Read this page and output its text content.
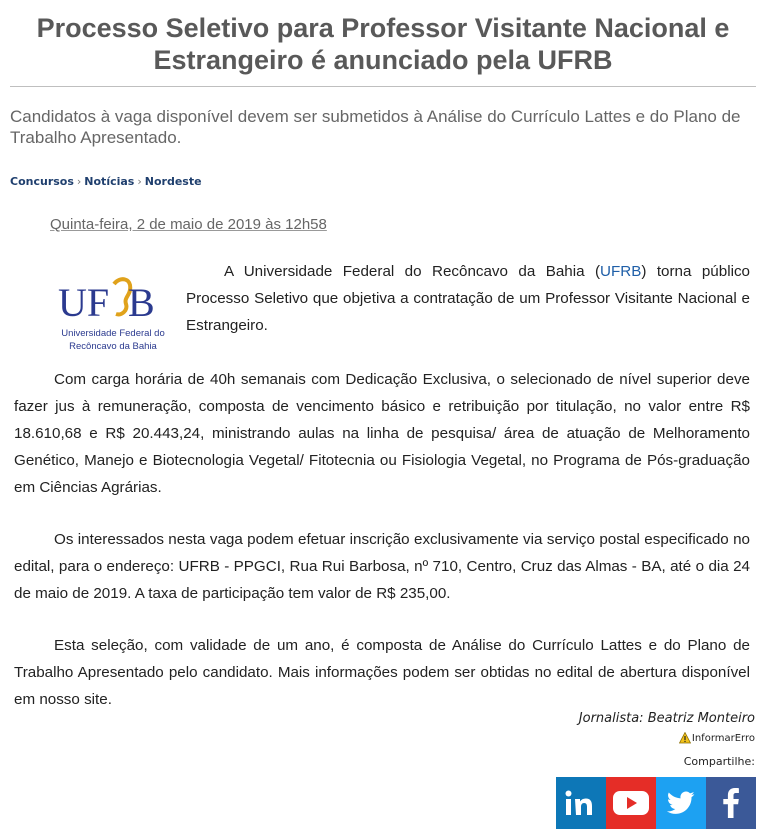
Processo Seletivo para Professor Visitante Nacional e Estrangeiro é anunciado pela UFRB

Candidatos à vaga disponível devem ser submetidos à Análise do Currículo Lattes e do Plano de Trabalho Apresentado.

Concursos › Notícias › Nordeste
Quinta-feira, 2 de maio de 2019 às 12h58
UF B
Universidade Federal do
Recôncavo da Bahia

A Universidade Federal do Recôncavo da Bahia (UFRB) torna público Processo Seletivo que objetiva a contratação de um Professor Visitante Nacional e Estrangeiro.

Com carga horária de 40h semanais com Dedicação Exclusiva, o selecionado de nível superior deve fazer jus à remuneração, composta de vencimento básico e retribuição por titulação, no valor entre R$ 18.610,68 e R$ 20.443,24, ministrando aulas na linha de pesquisa/ área de atuação de Melhoramento Genético, Manejo e Biotecnologia Vegetal/ Fitotecnia ou Fisiologia Vegetal, no Programa de Pós-graduação em Ciências Agrárias.

Os interessados nesta vaga podem efetuar inscrição exclusivamente via serviço postal especificado no edital, para o endereço: UFRB - PPGCI, Rua Rui Barbosa, nº 710, Centro, Cruz das Almas - BA, até o dia 24 de maio de 2019. A taxa de participação tem valor de R$ 235,00.

Esta seleção, com validade de um ano, é composta de Análise do Currículo Lattes e do Plano de Trabalho Apresentado pelo candidato. Mais informações podem ser obtidas no edital de abertura disponível em nosso site.

Jornalista: Beatriz Monteiro
InformarErro
Compartilhe:
